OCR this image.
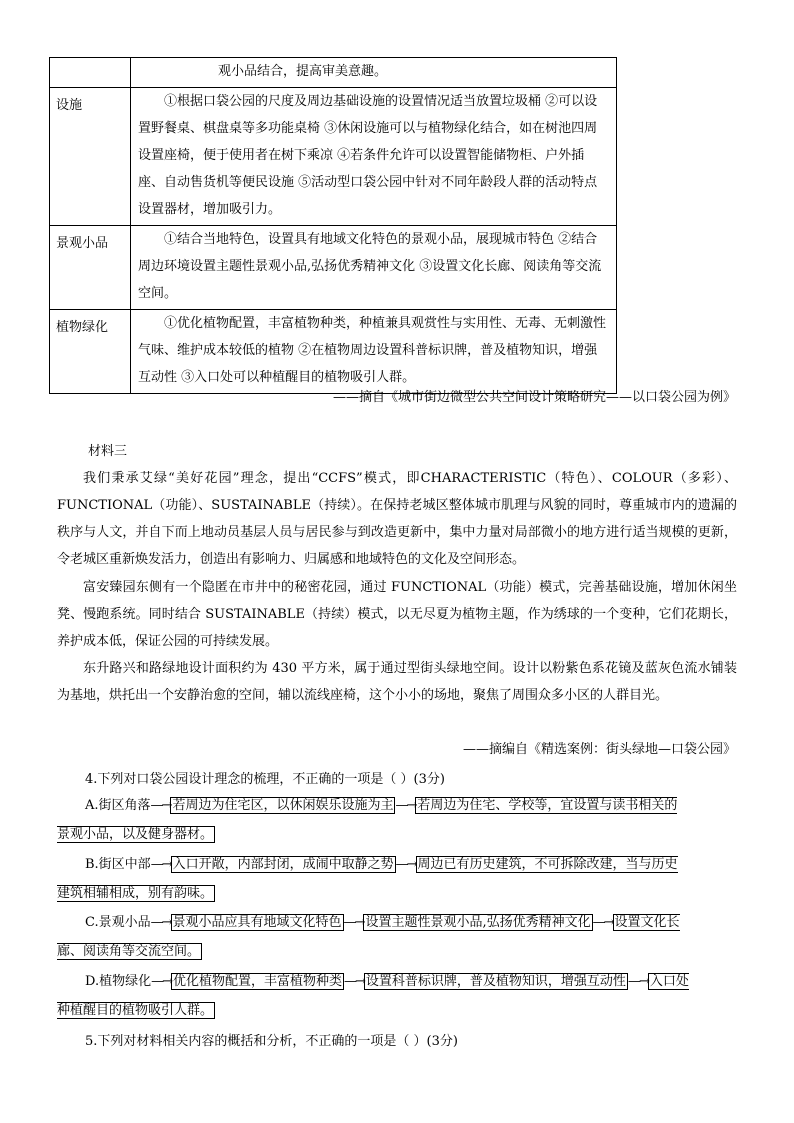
	观小品结合，提高审美意趣。
设施	①根据口袋公园的尺度及周边基础设施的设置情况适当放置垃圾桶 ②可以设置野餐桌、棋盘桌等多功能桌椅 ③休闲设施可以与植物绿化结合，如在树池四周设置座椅，便于使用者在树下乘凉 ④若条件允许可以设置智能储物柜、户外插座、自动售货机等便民设施 ⑤活动型口袋公园中针对不同年龄段人群的活动特点设置器材，增加吸引力。
景观小品	①结合当地特色，设置具有地域文化特色的景观小品，展现城市特色 ②结合周边环境设置主题性景观小品,弘扬优秀精神文化 ③设置文化长廊、阅读角等交流空间。
植物绿化	①优化植物配置，丰富植物种类，种植兼具观赏性与实用性、无毒、无刺激性气味、维护成本较低的植物 ②在植物周边设置科普标识牌，普及植物知识，增强互动性 ③入口处可以种植醒目的植物吸引人群。
——摘自《城市街边微型公共空间设计策略研究——以口袋公园为例》
材料三
我们秉承艾绿“美好花园”理念，提出“CCFS”模式，即CHARACTERISTIC（特色）、COLOUR（多彩）、FUNCTIONAL（功能）、SUSTAINABLE（持续）。在保持老城区整体城市肌理与风貌的同时，尊重城市内的遗漏的秩序与人文，并自下而上地动员基层人员与居民参与到改造更新中，集中力量对局部微小的地方进行适当规模的更新，令老城区重新焕发活力，创造出有影响力、归属感和地域特色的文化及空间形态。
富安臻园东侧有一个隐匿在市井中的秘密花园，通过 FUNCTIONAL（功能）模式，完善基础设施，增加休闲坐凳、慢跑系统。同时结合 SUSTAINABLE（持续）模式，以无尽夏为植物主题，作为绣球的一个变种，它们花期长，养护成本低，保证公园的可持续发展。
东升路兴和路绿地设计面积约为 430 平方米，属于通过型街头绿地空间。设计以粉紫色系花镜及蓝灰色流水铺装为基地，烘托出一个安静治愈的空间，辅以流线座椅，这个小小的场地，聚焦了周围众多小区的人群目光。
——摘编自《精选案例：街头绿地—口袋公园》
4.下列对口袋公园设计理念的梳理，不正确的一项是（ ）(3分)
A.街区角落—→ 若周边为住宅区，以休闲娱乐设施为主 —→ 若周边为住宅、学校等，宜设置与读书相关的
景观小品，以及健身器材。
B.街区中部—→ 入口开敞，内部封闭，成闹中取静之势 —→ 周边已有历史建筑，不可拆除改建，当与历史
建筑相辅相成，别有韵味。
C.景观小品—→ 景观小品应具有地域文化特色 —→ 设置主题性景观小品,弘扬优秀精神文化 —→ 设置文化长
廊、阅读角等交流空间。
D.植物绿化—→ 优化植物配置，丰富植物种类 —→ 设置科普标识牌，普及植物知识，增强互动性 —→ 入口处
种植醒目的植物吸引人群。
5.下列对材料相关内容的概括和分析，不正确的一项是（ ）(3分)
